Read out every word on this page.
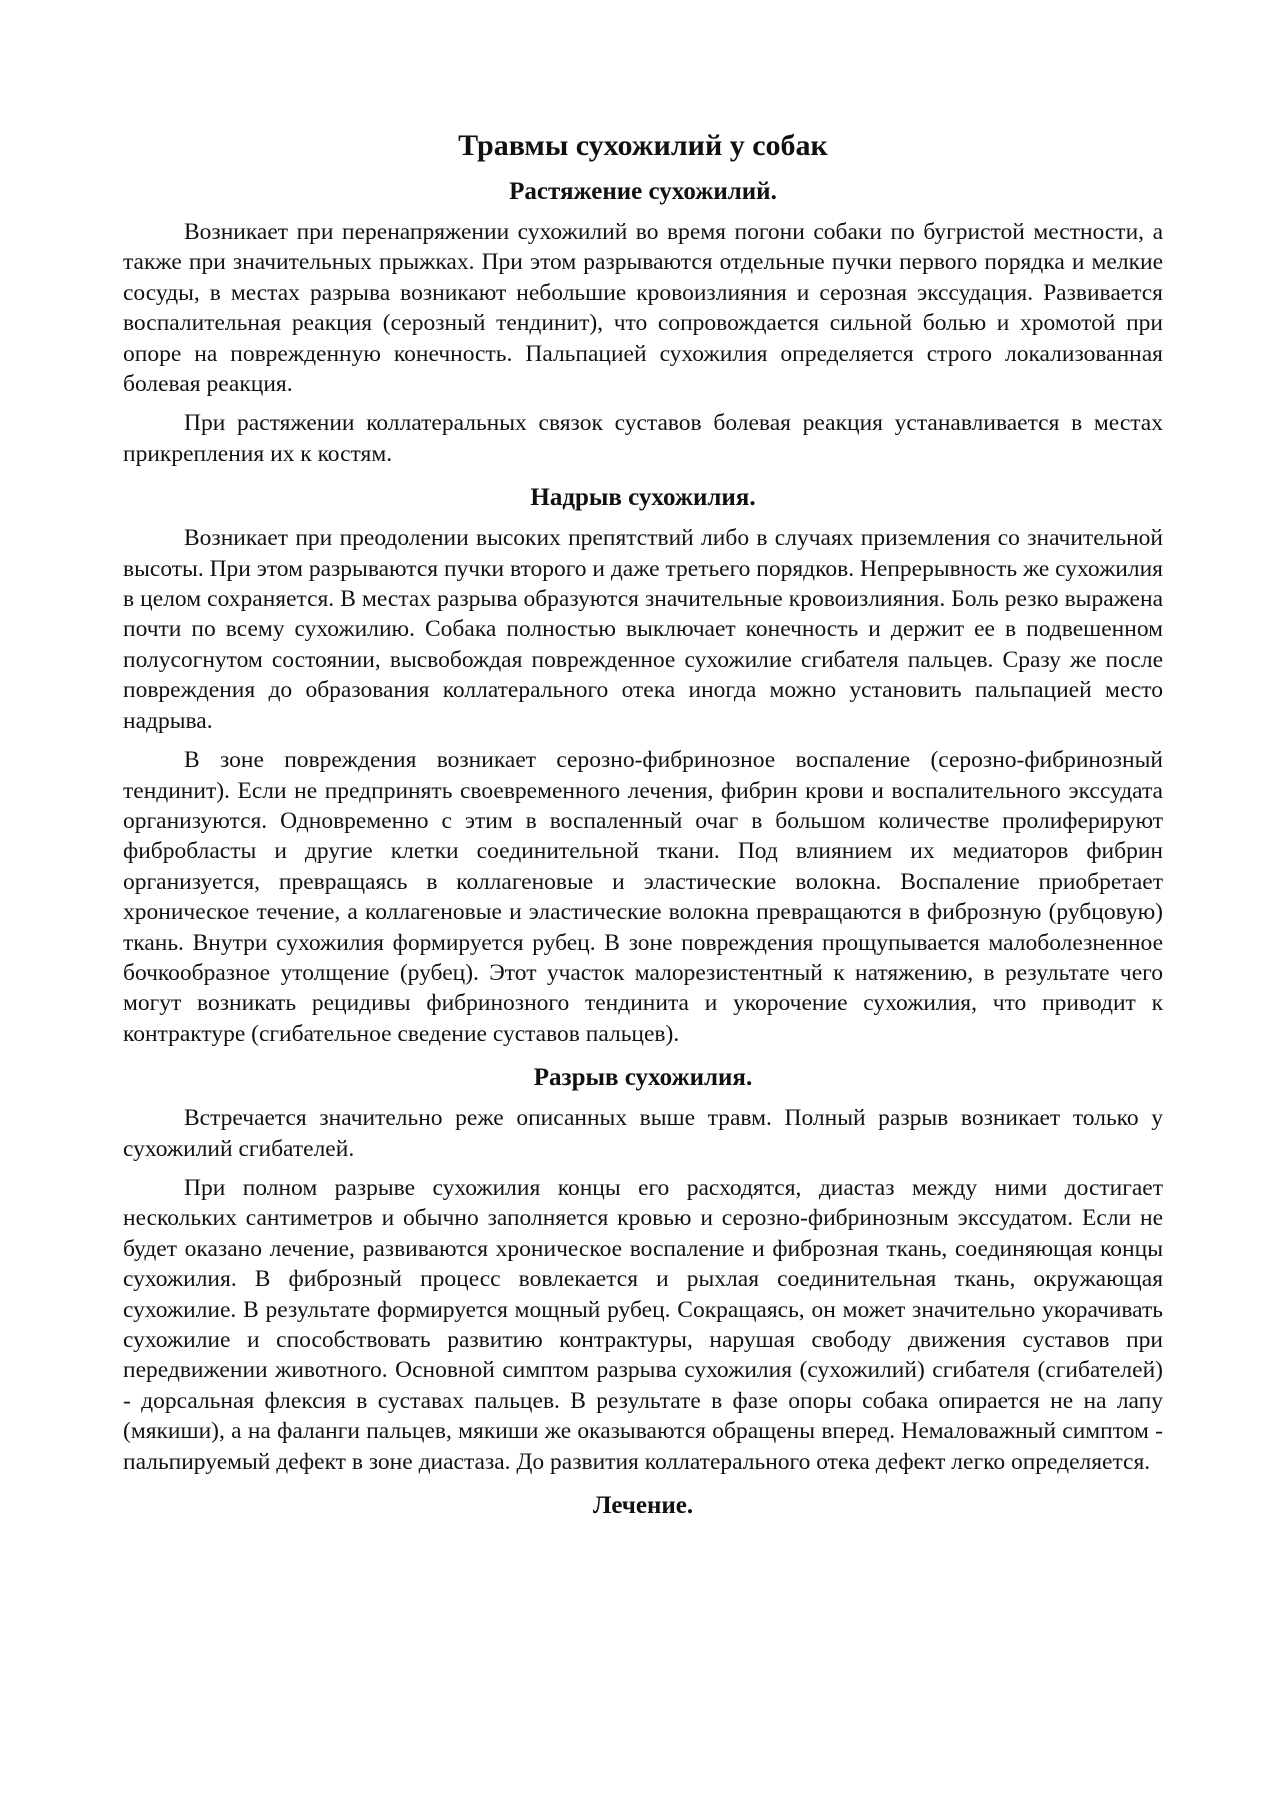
Травмы сухожилий у собак
Растяжение сухожилий.

Возникает при перенапряжении сухожилий во время погони собаки по бугристой местности, а также при значительных прыжках. При этом разрываются отдельные пучки первого порядка и мелкие сосуды, в местах разрыва возникают небольшие кровоизлияния и серозная экссудация. Развивается воспалительная реакция (серозный тендинит), что сопровождается сильной болью и хромотой при опоре на поврежденную конечность. Пальпацией сухожилия определяется строго локализованная болевая реакция.

При растяжении коллатеральных связок суставов болевая реакция устанавливается в местах прикрепления их к костям.

Надрыв сухожилия.

Возникает при преодолении высоких препятствий либо в случаях приземления со значительной высоты. При этом разрываются пучки второго и даже третьего порядков. Непрерывность же сухожилия в целом сохраняется. В местах разрыва образуются значительные кровоизлияния. Боль резко выражена почти по всему сухожилию. Собака полностью выключает конечность и держит ее в подвешенном полусогнутом состоянии, высвобождая поврежденное сухожилие сгибателя пальцев. Сразу же после повреждения до образования коллатерального отека иногда можно установить пальпацией место надрыва.

В зоне повреждения возникает серозно-фибринозное воспаление (серозно-фибринозный тендинит). Если не предпринять своевременного лечения, фибрин крови и воспалительного экссудата организуются. Одновременно с этим в воспаленный очаг в большом количестве пролиферируют фибробласты и другие клетки соединительной ткани. Под влиянием их медиаторов фибрин организуется, превращаясь в коллагеновые и эластические волокна. Воспаление приобретает хроническое течение, а коллагеновые и эластические волокна превращаются в фиброзную (рубцовую) ткань. Внутри сухожилия формируется рубец. В зоне повреждения прощупывается малоболезненное бочкообразное утолщение (рубец). Этот участок малорезистентный к натяжению, в результате чего могут возникать рецидивы фибринозного тендинита и укорочение сухожилия, что приводит к контрактуре (сгибательное сведение суставов пальцев).

Разрыв сухожилия.

Встречается значительно реже описанных выше травм. Полный разрыв возникает только у сухожилий сгибателей.

При полном разрыве сухожилия концы его расходятся, диастаз между ними достигает нескольких сантиметров и обычно заполняется кровью и серозно-фибринозным экссудатом. Если не будет оказано лечение, развиваются хроническое воспаление и фиброзная ткань, соединяющая концы сухожилия. В фиброзный процесс вовлекается и рыхлая соединительная ткань, окружающая сухожилие. В результате формируется мощный рубец. Сокращаясь, он может значительно укорачивать сухожилие и способствовать развитию контрактуры, нарушая свободу движения суставов при передвижении животного. Основной симптом разрыва сухожилия (сухожилий) сгибателя (сгибателей) - дорсальная флексия в суставах пальцев. В результате в фазе опоры собака опирается не на лапу (мякиши), а на фаланги пальцев, мякиши же оказываются обращены вперед. Немаловажный симптом - пальпируемый дефект в зоне диастаза. До развития коллатерального отека дефект легко определяется.

Лечение.
